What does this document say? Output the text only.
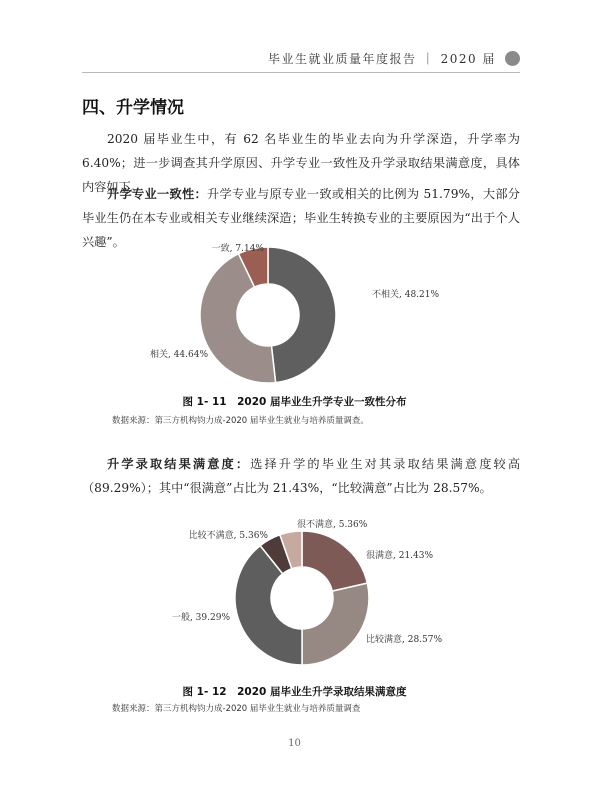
毕业生就业质量年度报告 ｜ 2020 届
四、升学情况
2020 届毕业生中，有 62 名毕业生的毕业去向为升学深造，升学率为 6.40%；进一步调查其升学原因、升学专业一致性及升学录取结果满意度，具体内容如下。
升学专业一致性：升学专业与原专业一致或相关的比例为 51.79%，大部分毕业生仍在本专业或相关专业继续深造；毕业生转换专业的主要原因为“出于个人兴趣”。
不相关, 48.21%
相关, 44.64%
一致, 7.14%
图 1- 11　2020 届毕业生升学专业一致性分布
数据来源：第三方机构钧力成-2020 届毕业生就业与培养质量调查。
升学录取结果满意度：选择升学的毕业生对其录取结果满意度较高（89.29%）；其中“很满意”占比为 21.43%，“比较满意”占比为 28.57%。
很满意, 21.43%
比较满意, 28.57%
一般, 39.29%
比较不满意, 5.36%
很不满意, 5.36%
图 1- 12　2020 届毕业生升学录取结果满意度
数据来源：第三方机构钧力成-2020 届毕业生就业与培养质量调查
10
